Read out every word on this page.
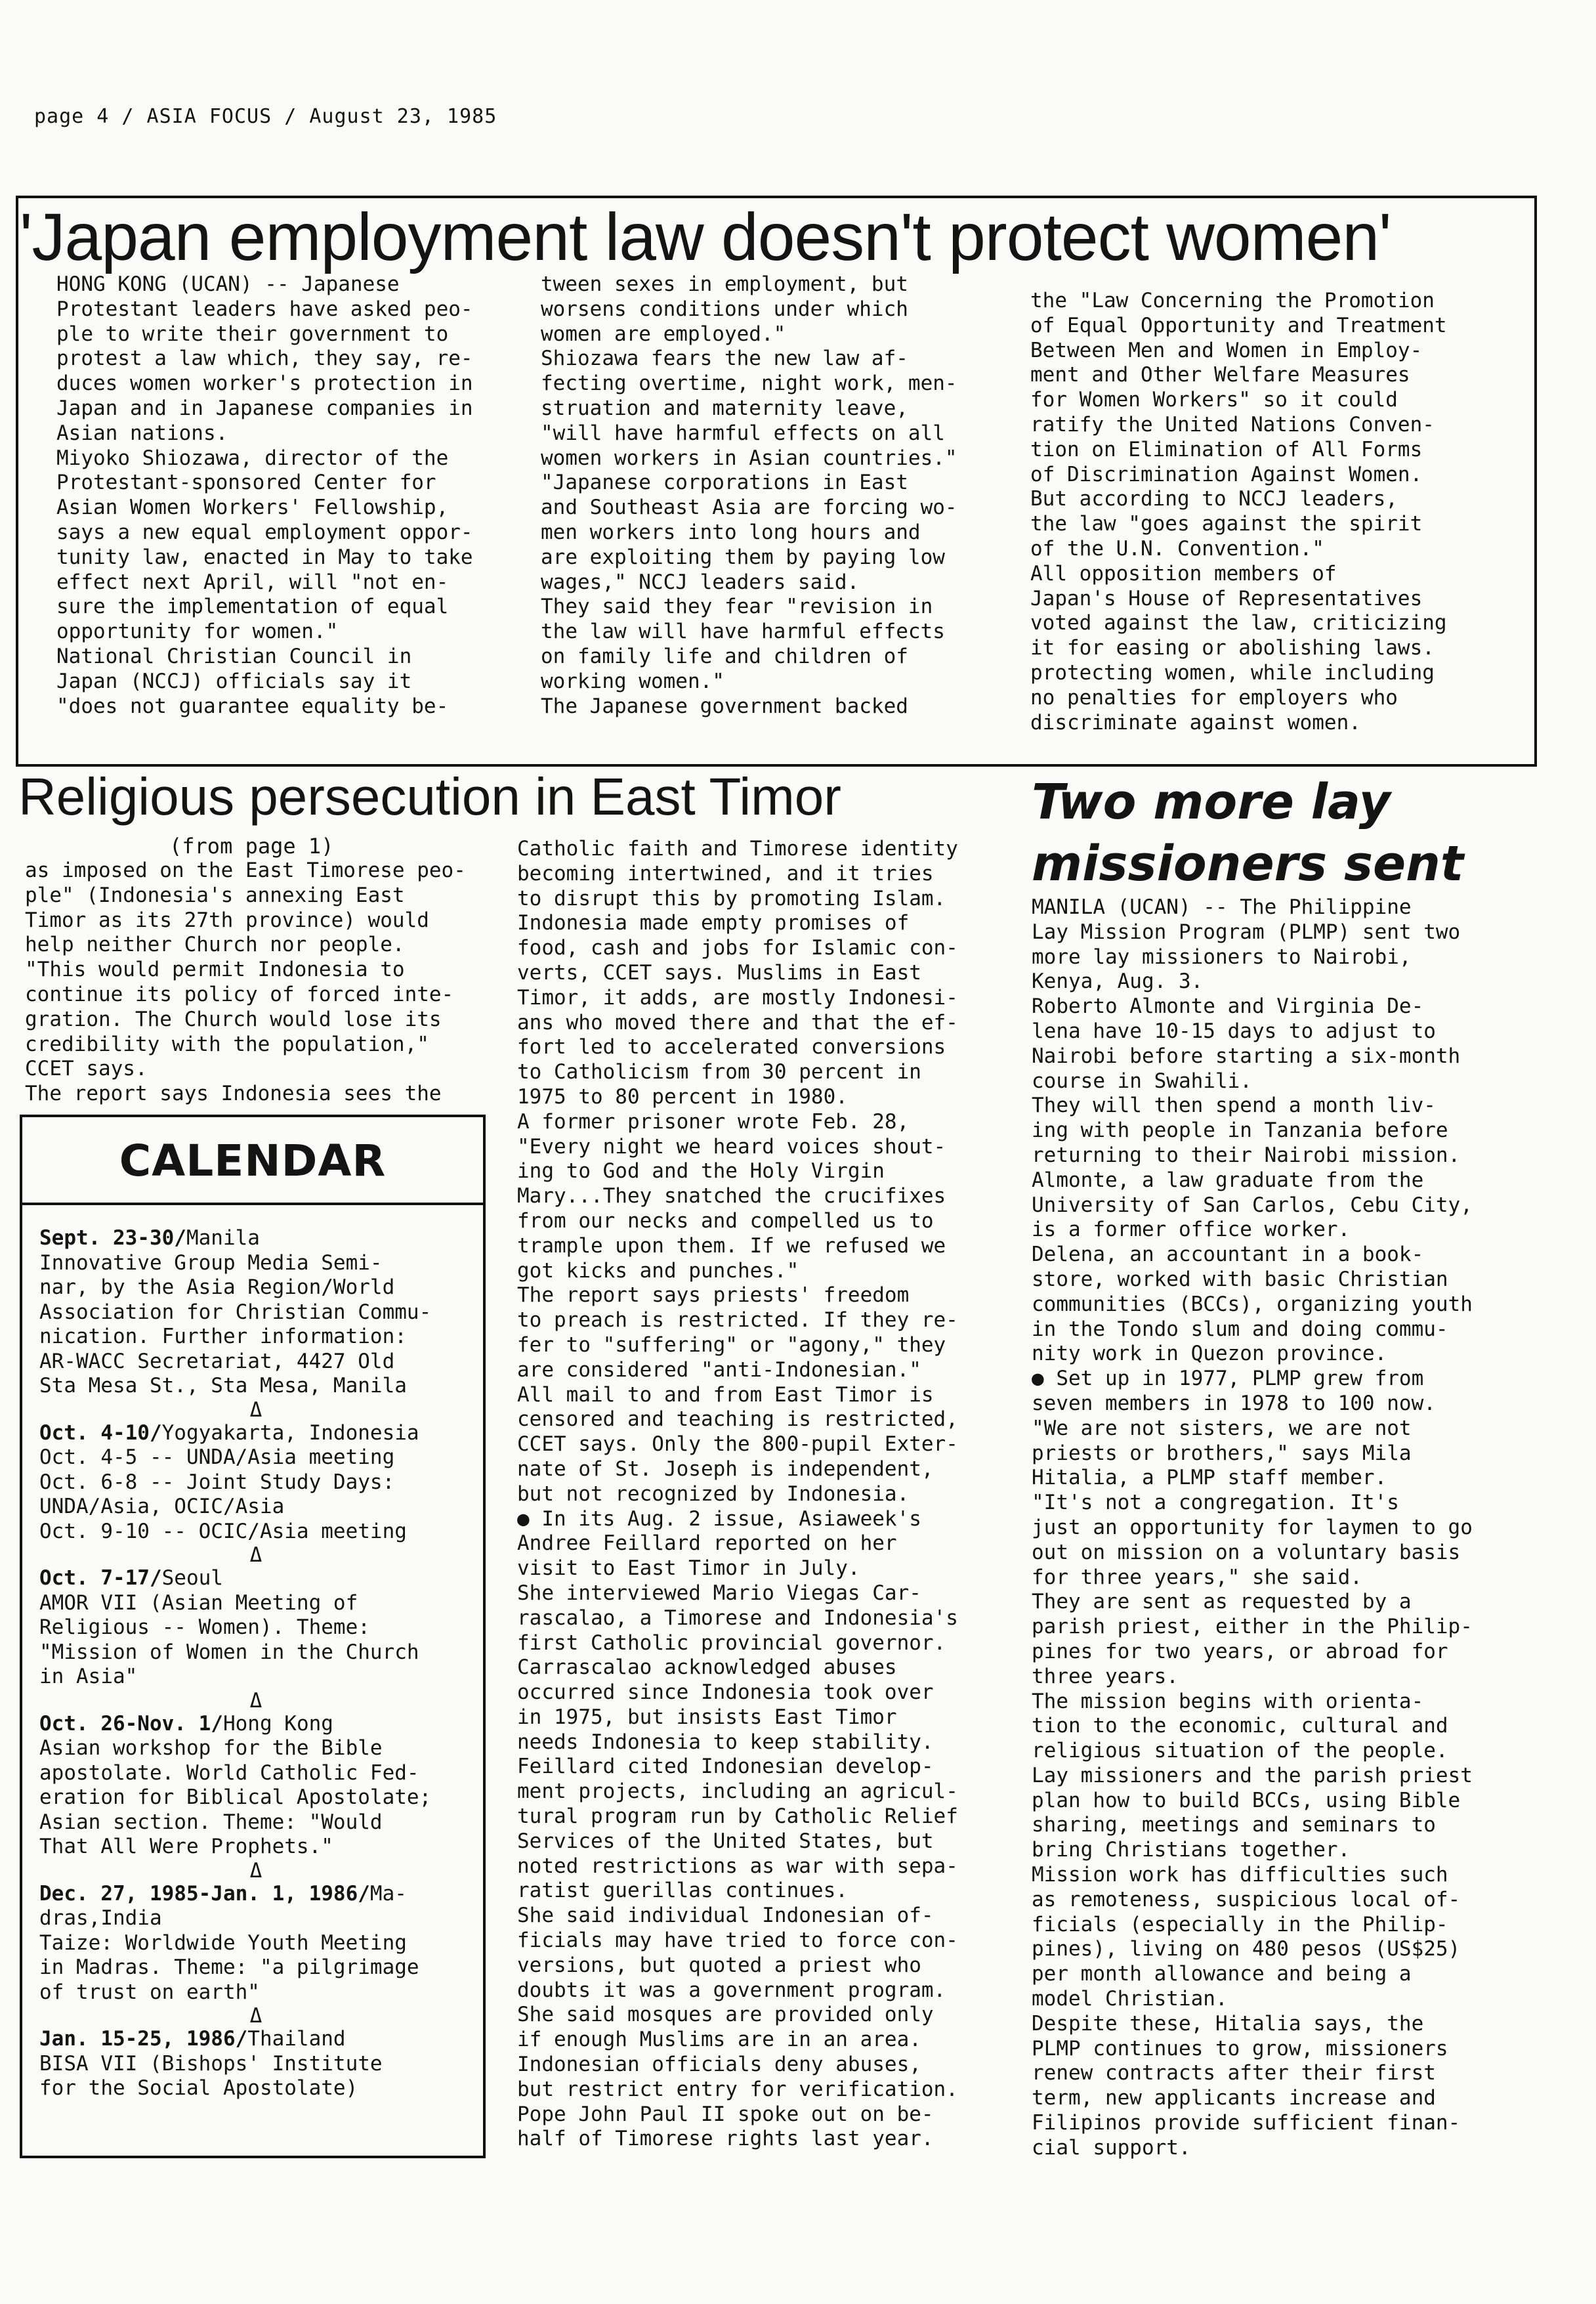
page 4 / ASIA FOCUS / August 23, 1985
'Japan employment law doesn't protect women'
HONG KONG (UCAN) -- Japanese
Protestant leaders have asked peo-
ple to write their government to
protest a law which, they say, re-
duces women worker's protection in
Japan and in Japanese companies in
Asian nations.
Miyoko Shiozawa, director of the
Protestant-sponsored Center for
Asian Women Workers' Fellowship,
says a new equal employment oppor-
tunity law, enacted in May to take
effect next April, will "not en-
sure the implementation of equal
opportunity for women."
National Christian Council in
Japan (NCCJ) officials say it
"does not guarantee equality be-
tween sexes in employment, but
worsens conditions under which
women are employed."
Shiozawa fears the new law af-
fecting overtime, night work, men-
struation and maternity leave,
"will have harmful effects on all
women workers in Asian countries."
"Japanese corporations in East
and Southeast Asia are forcing wo-
men workers into long hours and
are exploiting them by paying low
wages," NCCJ leaders said.
They said they fear "revision in
the law will have harmful effects
on family life and children of
working women."
The Japanese government backed
the "Law Concerning the Promotion
of Equal Opportunity and Treatment
Between Men and Women in Employ-
ment and Other Welfare Measures
for Women Workers" so it could
ratify the United Nations Conven-
tion on Elimination of All Forms
of Discrimination Against Women.
But according to NCCJ leaders,
the law "goes against the spirit
of the U.N. Convention."
All opposition members of
Japan's House of Representatives
voted against the law, criticizing
it for easing or abolishing laws.
protecting women, while including
no penalties for employers who
discriminate against women.
Religious persecution in East Timor
(from page 1)
as imposed on the East Timorese peo-
ple" (Indonesia's annexing East
Timor as its 27th province) would
help neither Church nor people.
"This would permit Indonesia to
continue its policy of forced inte-
gration. The Church would lose its
credibility with the population,"
CCET says.
The report says Indonesia sees the
Catholic faith and Timorese identity
becoming intertwined, and it tries
to disrupt this by promoting Islam.
Indonesia made empty promises of
food, cash and jobs for Islamic con-
verts, CCET says. Muslims in East
Timor, it adds, are mostly Indonesi-
ans who moved there and that the ef-
fort led to accelerated conversions
to Catholicism from 30 percent in
1975 to 80 percent in 1980.
A former prisoner wrote Feb. 28,
"Every night we heard voices shout-
ing to God and the Holy Virgin
Mary...They snatched the crucifixes
from our necks and compelled us to
trample upon them. If we refused we
got kicks and punches."
The report says priests' freedom
to preach is restricted. If they re-
fer to "suffering" or "agony," they
are considered "anti-Indonesian."
All mail to and from East Timor is
censored and teaching is restricted,
CCET says. Only the 800-pupil Exter-
nate of St. Joseph is independent,
but not recognized by Indonesia.
● In its Aug. 2 issue, Asiaweek's
Andree Feillard reported on her
visit to East Timor in July.
She interviewed Mario Viegas Car-
rascalao, a Timorese and Indonesia's
first Catholic provincial governor.
Carrascalao acknowledged abuses
occurred since Indonesia took over
in 1975, but insists East Timor
needs Indonesia to keep stability.
Feillard cited Indonesian develop-
ment projects, including an agricul-
tural program run by Catholic Relief
Services of the United States, but
noted restrictions as war with sepa-
ratist guerillas continues.
She said individual Indonesian of-
ficials may have tried to force con-
versions, but quoted a priest who
doubts it was a government program.
She said mosques are provided only
if enough Muslims are in an area.
Indonesian officials deny abuses,
but restrict entry for verification.
Pope John Paul II spoke out on be-
half of Timorese rights last year.
CALENDAR
Sept. 23-30/Manila
Innovative Group Media Semi-
nar, by the Asia Region/World
Association for Christian Commu-
nication. Further information:
AR-WACC Secretariat, 4427 Old
Sta Mesa St., Sta Mesa, Manila
Δ
Oct. 4-10/Yogyakarta, Indonesia
Oct. 4-5 -- UNDA/Asia meeting
Oct. 6-8 -- Joint Study Days:
UNDA/Asia, OCIC/Asia
Oct. 9-10 -- OCIC/Asia meeting
Δ
Oct. 7-17/Seoul
AMOR VII (Asian Meeting of
Religious -- Women). Theme:
"Mission of Women in the Church
in Asia"
Δ
Oct. 26-Nov. 1/Hong Kong
Asian workshop for the Bible
apostolate. World Catholic Fed-
eration for Biblical Apostolate;
Asian section. Theme: "Would
That All Were Prophets."
Δ
Dec. 27, 1985-Jan. 1, 1986/Ma-
dras,India
Taize: Worldwide Youth Meeting
in Madras. Theme: "a pilgrimage
of trust on earth"
Δ
Jan. 15-25, 1986/Thailand
BISA VII (Bishops' Institute
for the Social Apostolate)
Two more lay missioners sent
MANILA (UCAN) -- The Philippine
Lay Mission Program (PLMP) sent two
more lay missioners to Nairobi,
Kenya, Aug. 3.
Roberto Almonte and Virginia De-
lena have 10-15 days to adjust to
Nairobi before starting a six-month
course in Swahili.
They will then spend a month liv-
ing with people in Tanzania before
returning to their Nairobi mission.
Almonte, a law graduate from the
University of San Carlos, Cebu City,
is a former office worker.
Delena, an accountant in a book-
store, worked with basic Christian
communities (BCCs), organizing youth
in the Tondo slum and doing commu-
nity work in Quezon province.
● Set up in 1977, PLMP grew from
seven members in 1978 to 100 now.
"We are not sisters, we are not
priests or brothers," says Mila
Hitalia, a PLMP staff member.
"It's not a congregation. It's
just an opportunity for laymen to go
out on mission on a voluntary basis
for three years," she said.
They are sent as requested by a
parish priest, either in the Philip-
pines for two years, or abroad for
three years.
The mission begins with orienta-
tion to the economic, cultural and
religious situation of the people.
Lay missioners and the parish priest
plan how to build BCCs, using Bible
sharing, meetings and seminars to
bring Christians together.
Mission work has difficulties such
as remoteness, suspicious local of-
ficials (especially in the Philip-
pines), living on 480 pesos (US$25)
per month allowance and being a
model Christian.
Despite these, Hitalia says, the
PLMP continues to grow, missioners
renew contracts after their first
term, new applicants increase and
Filipinos provide sufficient finan-
cial support.
